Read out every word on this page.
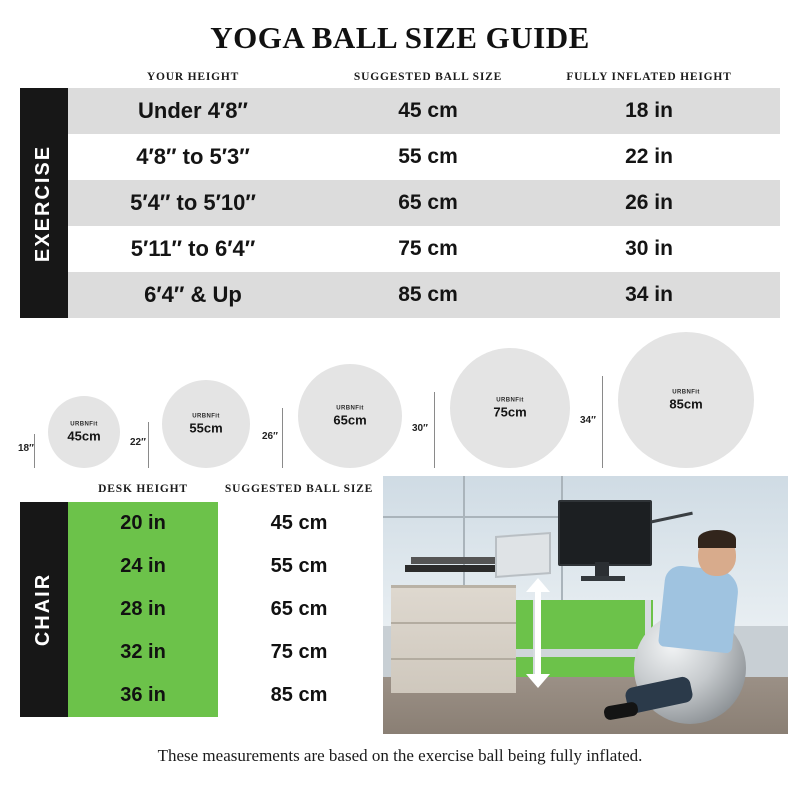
YOGA BALL SIZE GUIDE
YOUR HEIGHT	SUGGESTED BALL SIZE	FULLY INFLATED HEIGHT
EXERCISE
Under 4′8″	45 cm	18 in
4′8″ to 5′3″	55 cm	22 in
5′4″ to 5′10″	65 cm	26 in
5′11″ to 6′4″	75 cm	30 in
6′4″ & Up	85 cm	34 in
18″
URBNFit
45cm	22″
URBNFit
55cm
26″
URBNFit
65cm
30″
URBNFit
75cm
34″
URBNFit
85cm
DESK HEIGHT	SUGGESTED BALL SIZE
CHAIR
20 in	45 cm
24 in	55 cm
28 in	65 cm
32 in	75 cm
36 in	85 cm
These measurements are based on the exercise ball being fully inflated.
